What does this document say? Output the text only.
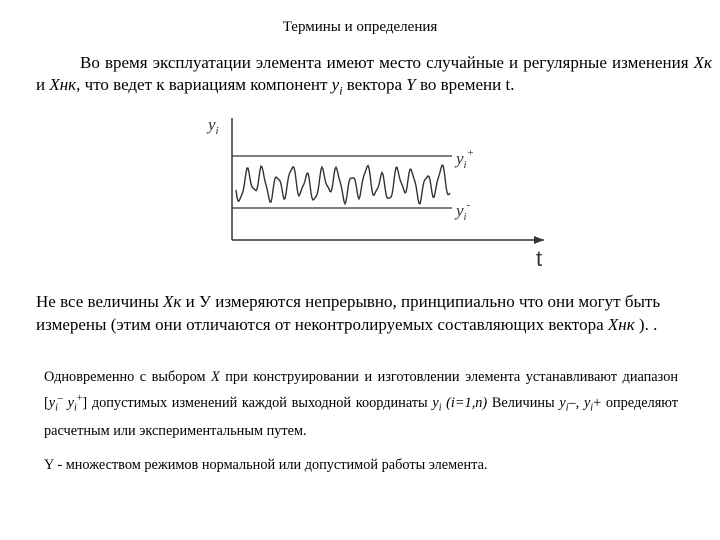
Термины и определения
Во время эксплуатации элемента имеют место случайные и регулярные изменения Хк и Хнк, что ведет к вариациям компонент $y_i$ вектора Y во времени t.
$y_i$
$y_i^+$
$y_i^-$
t
Не все величины Хк и У измеряются непрерывно, принципиально что они могут быть измерены (этим они отличаются от неконтролируемых составляющих вектора Хнк ). .
Одновременно с выбором X при конструировании и изготовлении элемента устанавливают диапазон [$y_i^-$ $y_i^+$] допустимых изменений каждой выходной координаты $y_i$ (i=1,n) Величины $y_i-$, $y_i+$ определяют расчетным или экспериментальным путем.
Y - множеством режимов нормальной или допустимой работы элемента.
